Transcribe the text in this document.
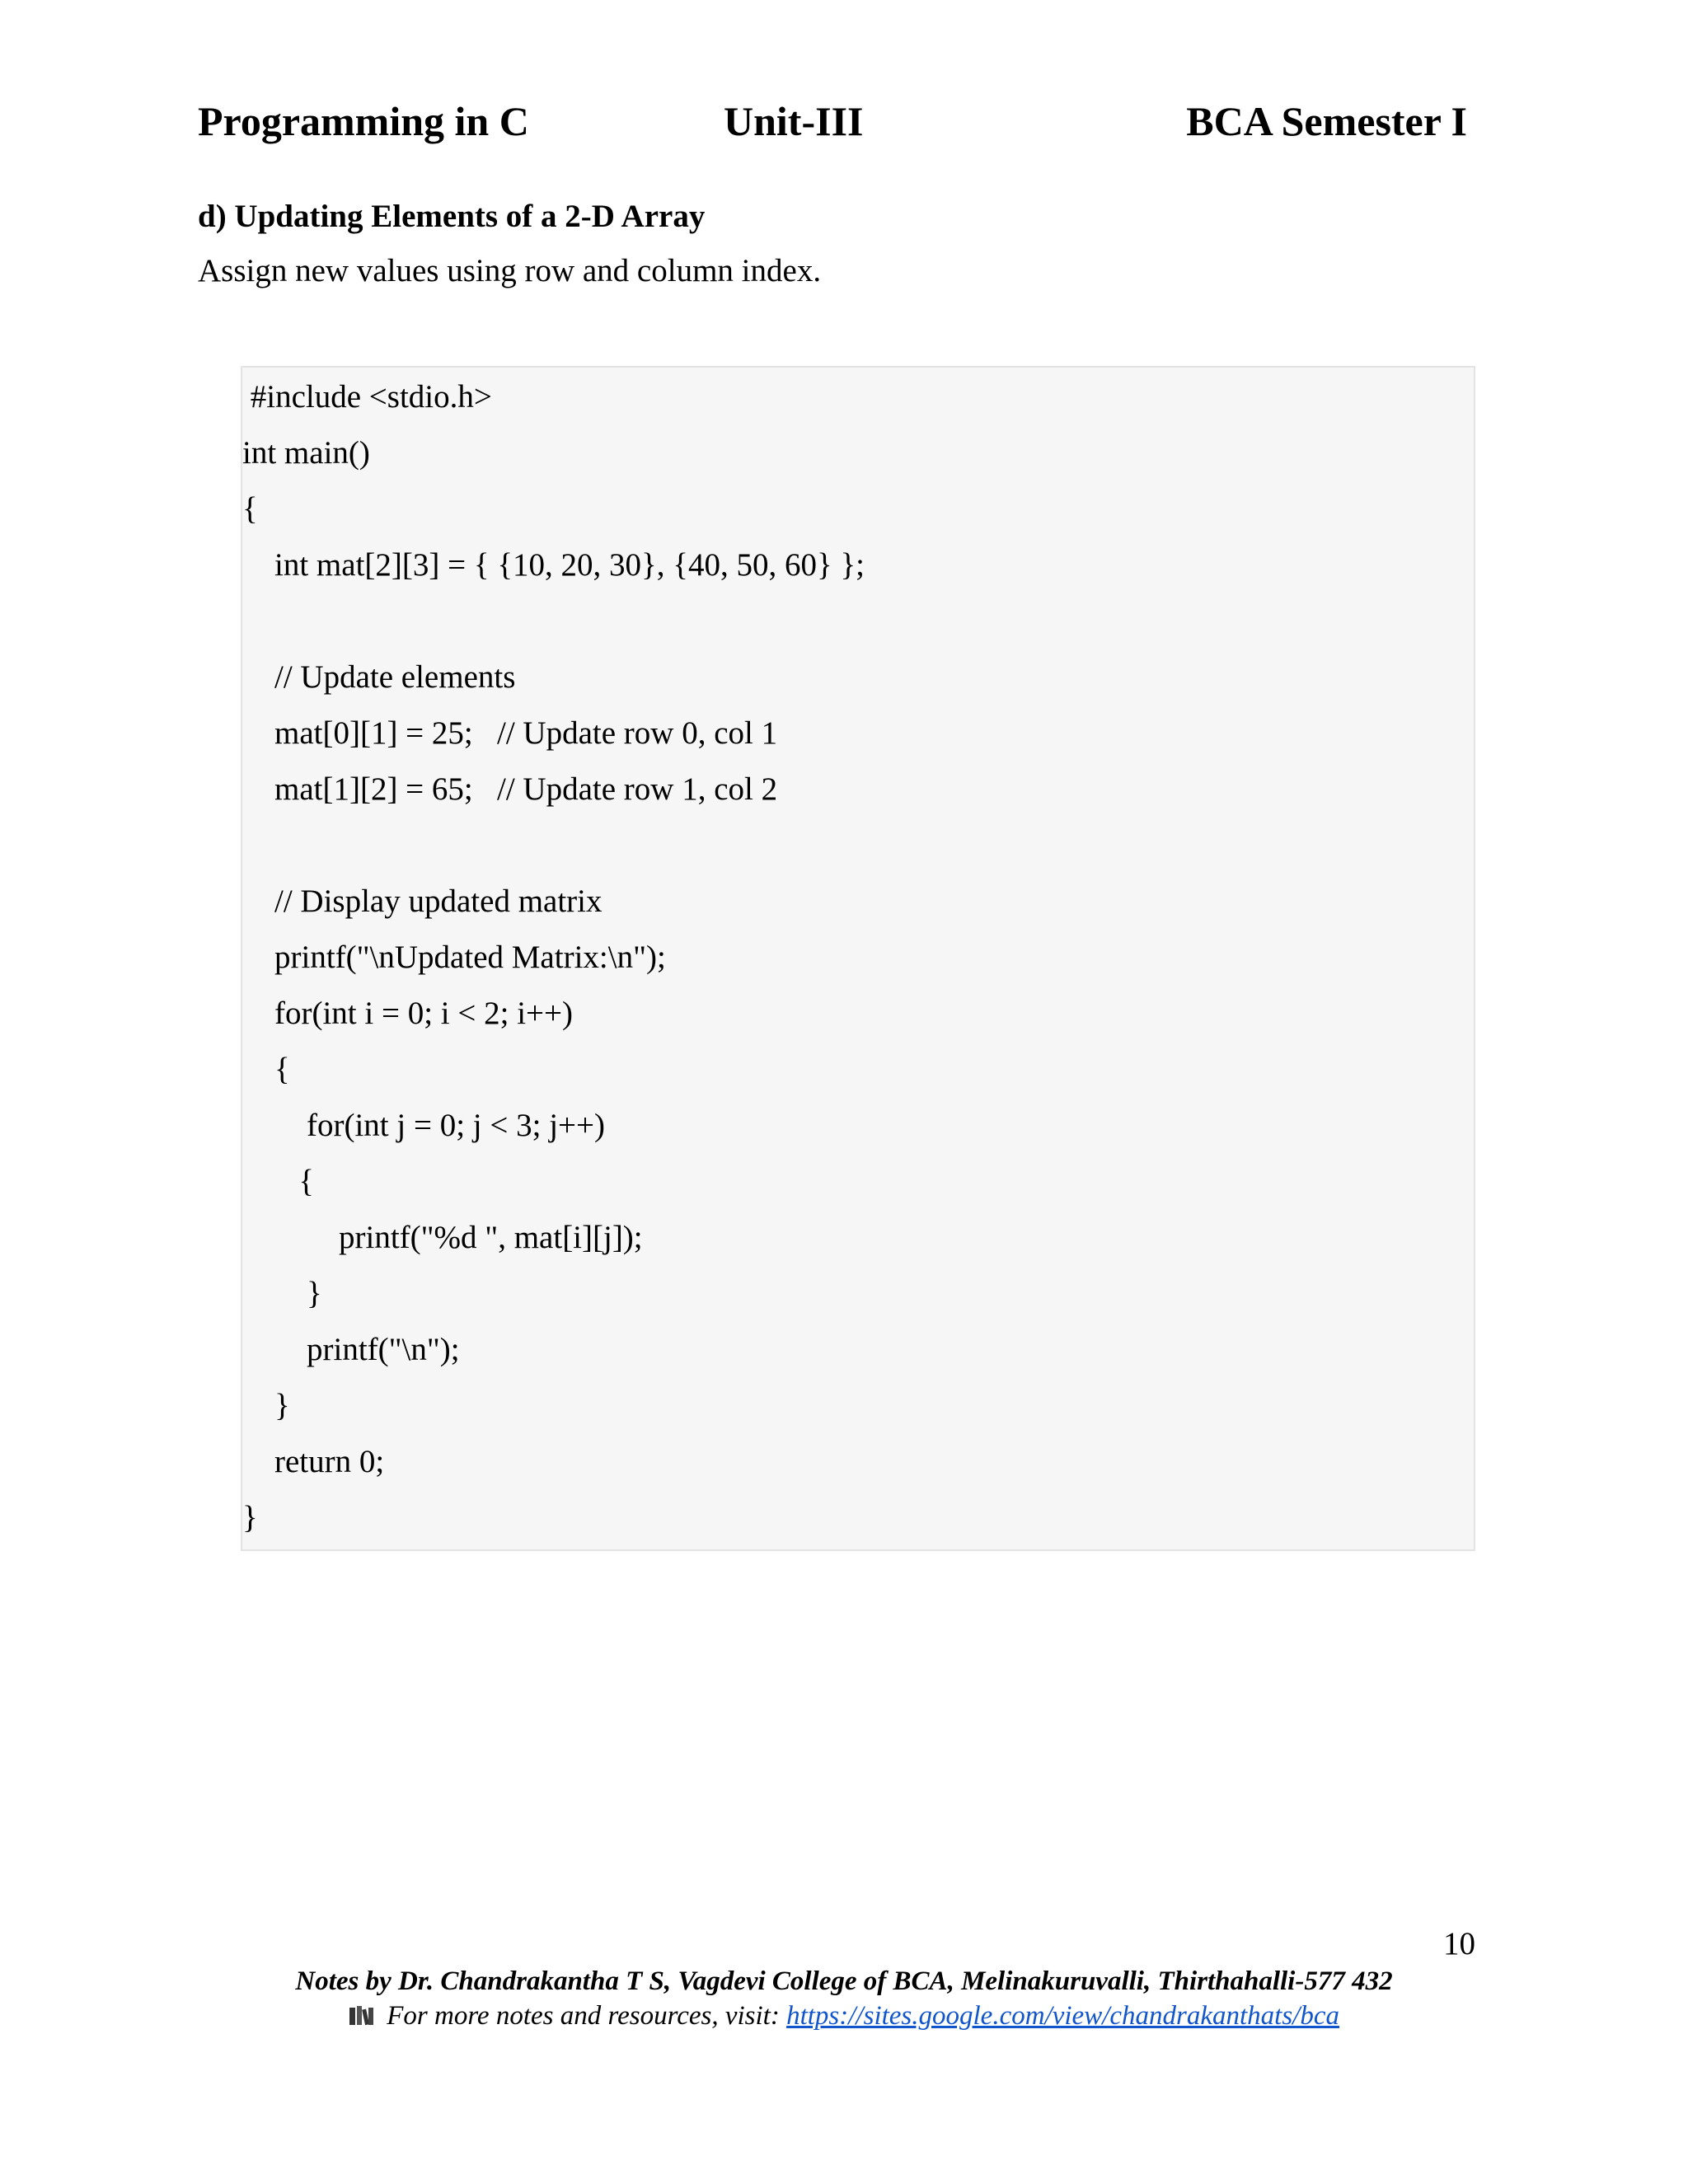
Programming in C	Unit-III	BCA Semester I
d) Updating Elements of a 2-D Array
Assign new values using row and column index.
#include <stdio.h>
int main()
{
int mat[2][3] = { {10, 20, 30}, {40, 50, 60} };
// Update elements
mat[0][1] = 25;   // Update row 0, col 1
mat[1][2] = 65;   // Update row 1, col 2
// Display updated matrix
printf("\nUpdated Matrix:\n");
for(int i = 0; i < 2; i++)
{
for(int j = 0; j < 3; j++)
{
printf("%d ", mat[i][j]);
}
printf("\n");
}
return 0;
}
10
Notes by Dr. Chandrakantha T S, Vagdevi College of BCA, Melinakuruvalli, Thirthahalli-577 432
For more notes and resources, visit: https://sites.google.com/view/chandrakanthats/bca
